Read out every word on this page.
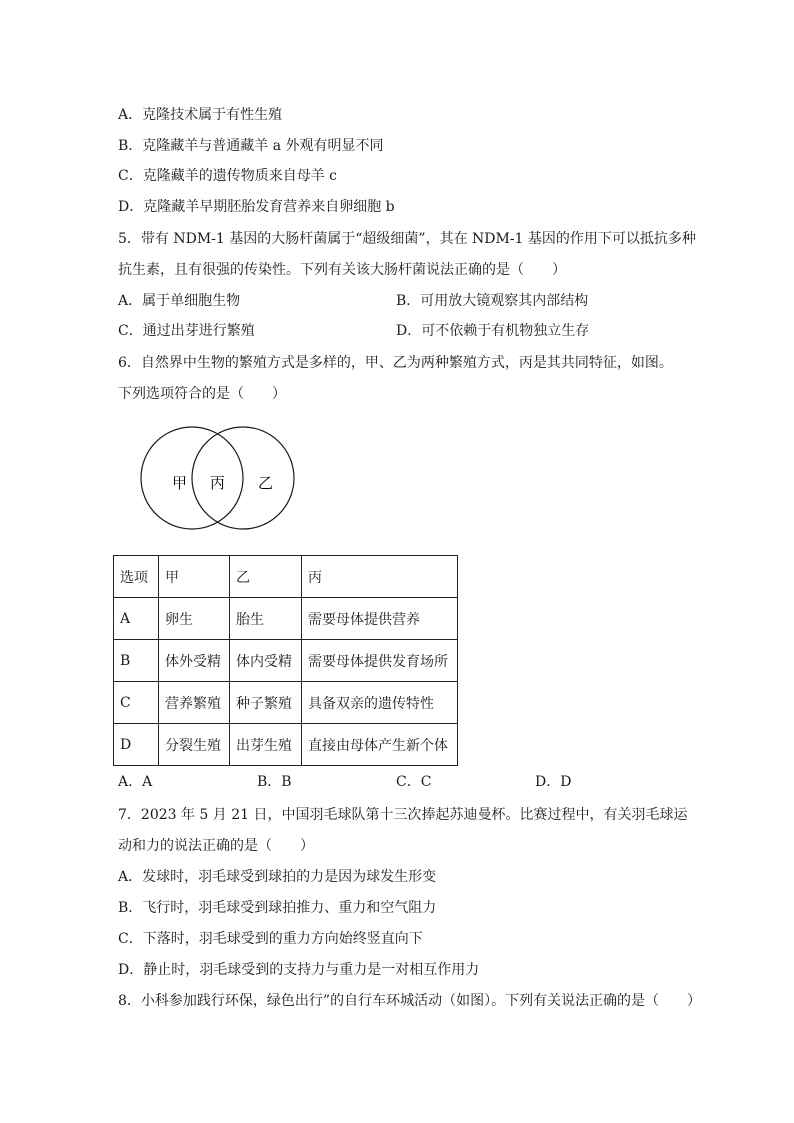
A．克隆技术属于有性生殖
B．克隆藏羊与普通藏羊 a 外观有明显不同
C．克隆藏羊的遗传物质来自母羊 c
D．克隆藏羊早期胚胎发育营养来自卵细胞 b
5．带有 NDM-1 基因的大肠杆菌属于“超级细菌”，其在 NDM-1 基因的作用下可以抵抗多种
抗生素，且有很强的传染性。下列有关该大肠杆菌说法正确的是（　　）
A．属于单细胞生物	B．可用放大镜观察其内部结构
C．通过出芽进行繁殖	D．可不依赖于有机物独立生存
6．自然界中生物的繁殖方式是多样的，甲、乙为两种繁殖方式，丙是其共同特征，如图。
下列选项符合的是（　　）
甲 丙 乙
选项	甲	乙	丙
A	卵生	胎生	需要母体提供营养
B	体外受精	体内受精	需要母体提供发育场所
C	营养繁殖	种子繁殖	具备双亲的遗传特性
D	分裂生殖	出芽生殖	直接由母体产生新个体
A．A	B．B	C．C	D．D
7．2023 年 5 月 21 日，中国羽毛球队第十三次捧起苏迪曼杯。比赛过程中，有关羽毛球运
动和力的说法正确的是（　　）
A．发球时，羽毛球受到球拍的力是因为球发生形变
B．飞行时，羽毛球受到球拍推力、重力和空气阻力
C．下落时，羽毛球受到的重力方向始终竖直向下
D．静止时，羽毛球受到的支持力与重力是一对相互作用力
8．小科参加践行环保，绿色出行”的自行车环城活动（如图）。下列有关说法正确的是（　　）
